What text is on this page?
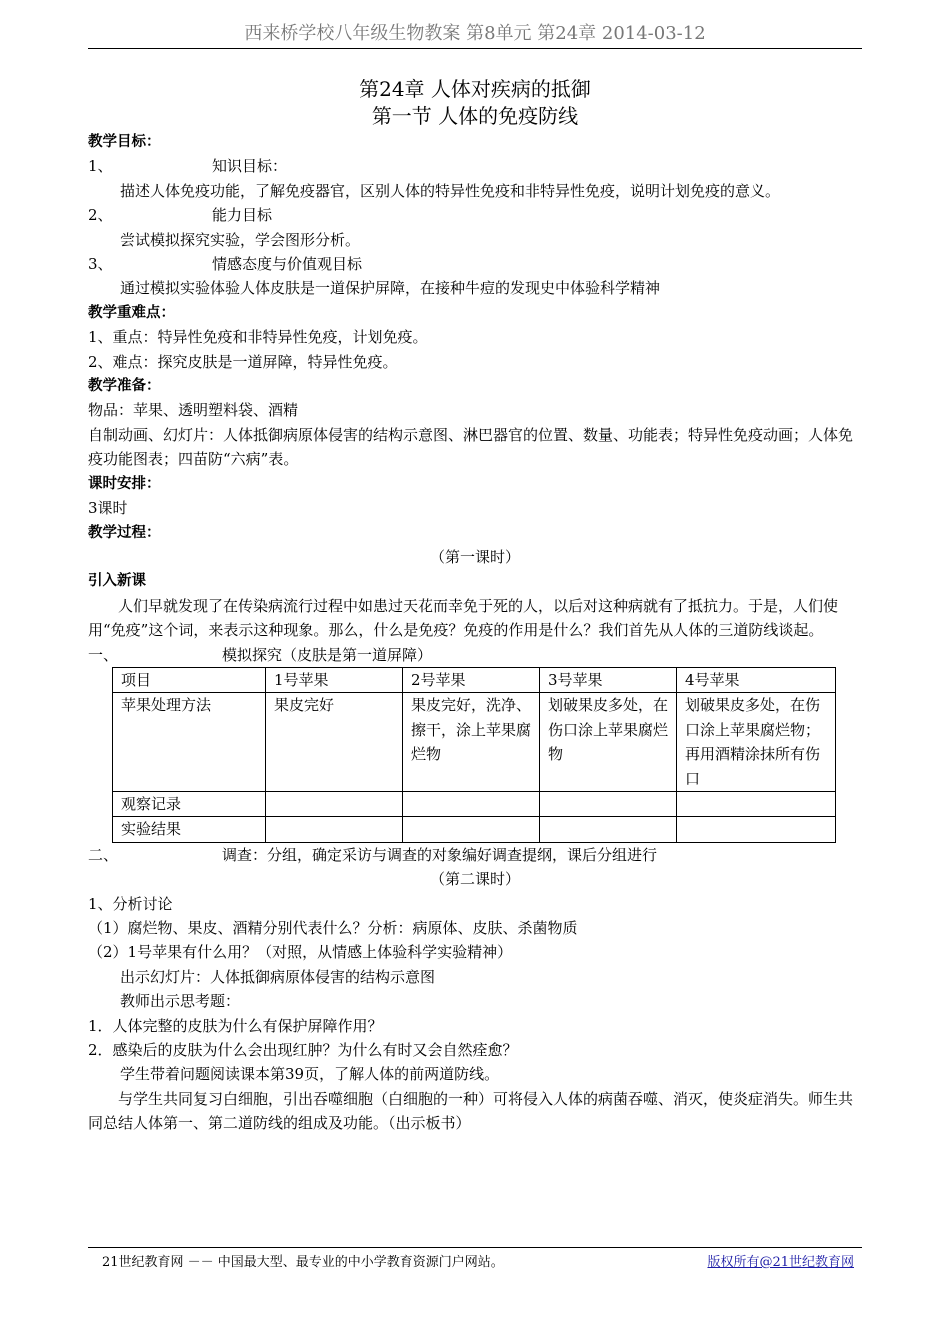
西来桥学校八年级生物教案 第8单元 第24章 2014-03-12
第24章 人体对疾病的抵御
第一节 人体的免疫防线
教学目标：
1、	知识目标：
描述人体免疫功能，了解免疫器官，区别人体的特异性免疫和非特异性免疫，说明计划免疫的意义。
2、	能力目标
尝试模拟探究实验，学会图形分析。
3、	情感态度与价值观目标
通过模拟实验体验人体皮肤是一道保护屏障，在接种牛痘的发现史中体验科学精神
教学重难点：
1、重点：特异性免疫和非特异性免疫，计划免疫。
2、难点：探究皮肤是一道屏障，特异性免疫。
教学准备：
物品：苹果、透明塑料袋、酒精
自制动画、幻灯片：人体抵御病原体侵害的结构示意图、淋巴器官的位置、数量、功能表；特异性免疫动画；人体免疫功能图表；四苗防“六病”表。
课时安排：
3课时
教学过程：
（第一课时）
引入新课
人们早就发现了在传染病流行过程中如患过天花而幸免于死的人，以后对这种病就有了抵抗力。于是，人们使用“免疫”这个词，来表示这种现象。那么，什么是免疫？免疫的作用是什么？我们首先从人体的三道防线谈起。
一、	模拟探究（皮肤是第一道屏障）
项目	1号苹果	2号苹果	3号苹果	4号苹果
苹果处理方法	果皮完好	果皮完好，洗净、擦干，涂上苹果腐烂物	划破果皮多处，在伤口涂上苹果腐烂物	划破果皮多处，在伤口涂上苹果腐烂物；再用酒精涂抹所有伤口
观察记录				
实验结果				
二、	调查：分组，确定采访与调查的对象编好调查提纲，课后分组进行
（第二课时）
1、分析讨论
（1）腐烂物、果皮、酒精分别代表什么？分析：病原体、皮肤、杀菌物质
（2）1号苹果有什么用？（对照，从情感上体验科学实验精神）
出示幻灯片：人体抵御病原体侵害的结构示意图
教师出示思考题：
1．人体完整的皮肤为什么有保护屏障作用？
2．感染后的皮肤为什么会出现红肿？为什么有时又会自然痊愈？
学生带着问题阅读课本第39页，了解人体的前两道防线。
与学生共同复习白细胞，引出吞噬细胞（白细胞的一种）可将侵入人体的病菌吞噬、消灭，使炎症消失。师生共同总结人体第一、第二道防线的组成及功能。（出示板书）
21世纪教育网 －－ 中国最大型、最专业的中小学教育资源门户网站。	版权所有@21世纪教育网
